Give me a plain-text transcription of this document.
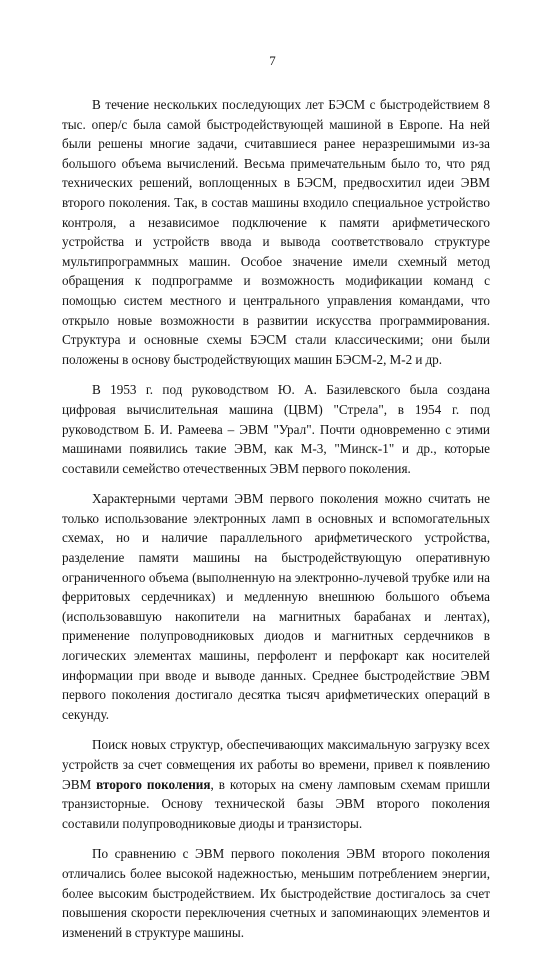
7

В течение нескольких последующих лет БЭСМ с быстродействием 8 тыс. опер/с была самой быстродействующей машиной в Европе. На ней были решены многие задачи, считавшиеся ранее неразрешимыми из-за большого объема вычислений. Весьма примечательным было то, что ряд технических решений, воплощенных в БЭСМ, предвосхитил идеи ЭВМ второго поколения. Так, в состав машины входило специальное устройство контроля, а независимое подключение к памяти арифметического устройства и устройств ввода и вывода соответствовало структуре мультипрограммных машин. Особое значение имели схемный метод обращения к подпрограмме и возможность модификации команд с помощью систем местного и центрального управления командами, что открыло новые возможности в развитии искусства программирования. Структура и основные схемы БЭСМ стали классическими; они были положены в основу быстродействующих машин БЭСМ-2, М-2 и др.

В 1953 г. под руководством Ю. А. Базилевского была создана цифровая вычислительная машина (ЦВМ) "Стрела", в 1954 г. под руководством Б. И. Рамеева – ЭВМ "Урал". Почти одновременно с этими машинами появились такие ЭВМ, как М-3, "Минск-1" и др., которые составили семейство отечественных ЭВМ первого поколения.

Характерными чертами ЭВМ первого поколения можно считать не только использование электронных ламп в основных и вспомогательных схемах, но и наличие параллельного арифметического устройства, разделение памяти машины на быстродействующую оперативную ограниченного объема (выполненную на электронно-лучевой трубке или на ферритовых сердечниках) и медленную внешнюю большого объема (использовавшую накопители на магнитных барабанах и лентах), применение полупроводниковых диодов и магнитных сердечников в логических элементах машины, перфолент и перфокарт как носителей информации при вводе и выводе данных. Среднее быстродействие ЭВМ первого поколения достигало десятка тысяч арифметических операций в секунду.

Поиск новых структур, обеспечивающих максимальную загрузку всех устройств за счет совмещения их работы во времени, привел к появлению ЭВМ второго поколения, в которых на смену ламповым схемам пришли транзисторные. Основу технической базы ЭВМ второго поколения составили полупроводниковые диоды и транзисторы.

По сравнению с ЭВМ первого поколения ЭВМ второго поколения отличались более высокой надежностью, меньшим потреблением энергии, более высоким быстродействием. Их быстродействие достигалось за счет повышения скорости переключения счетных и запоминающих элементов и изменений в структуре машины.
